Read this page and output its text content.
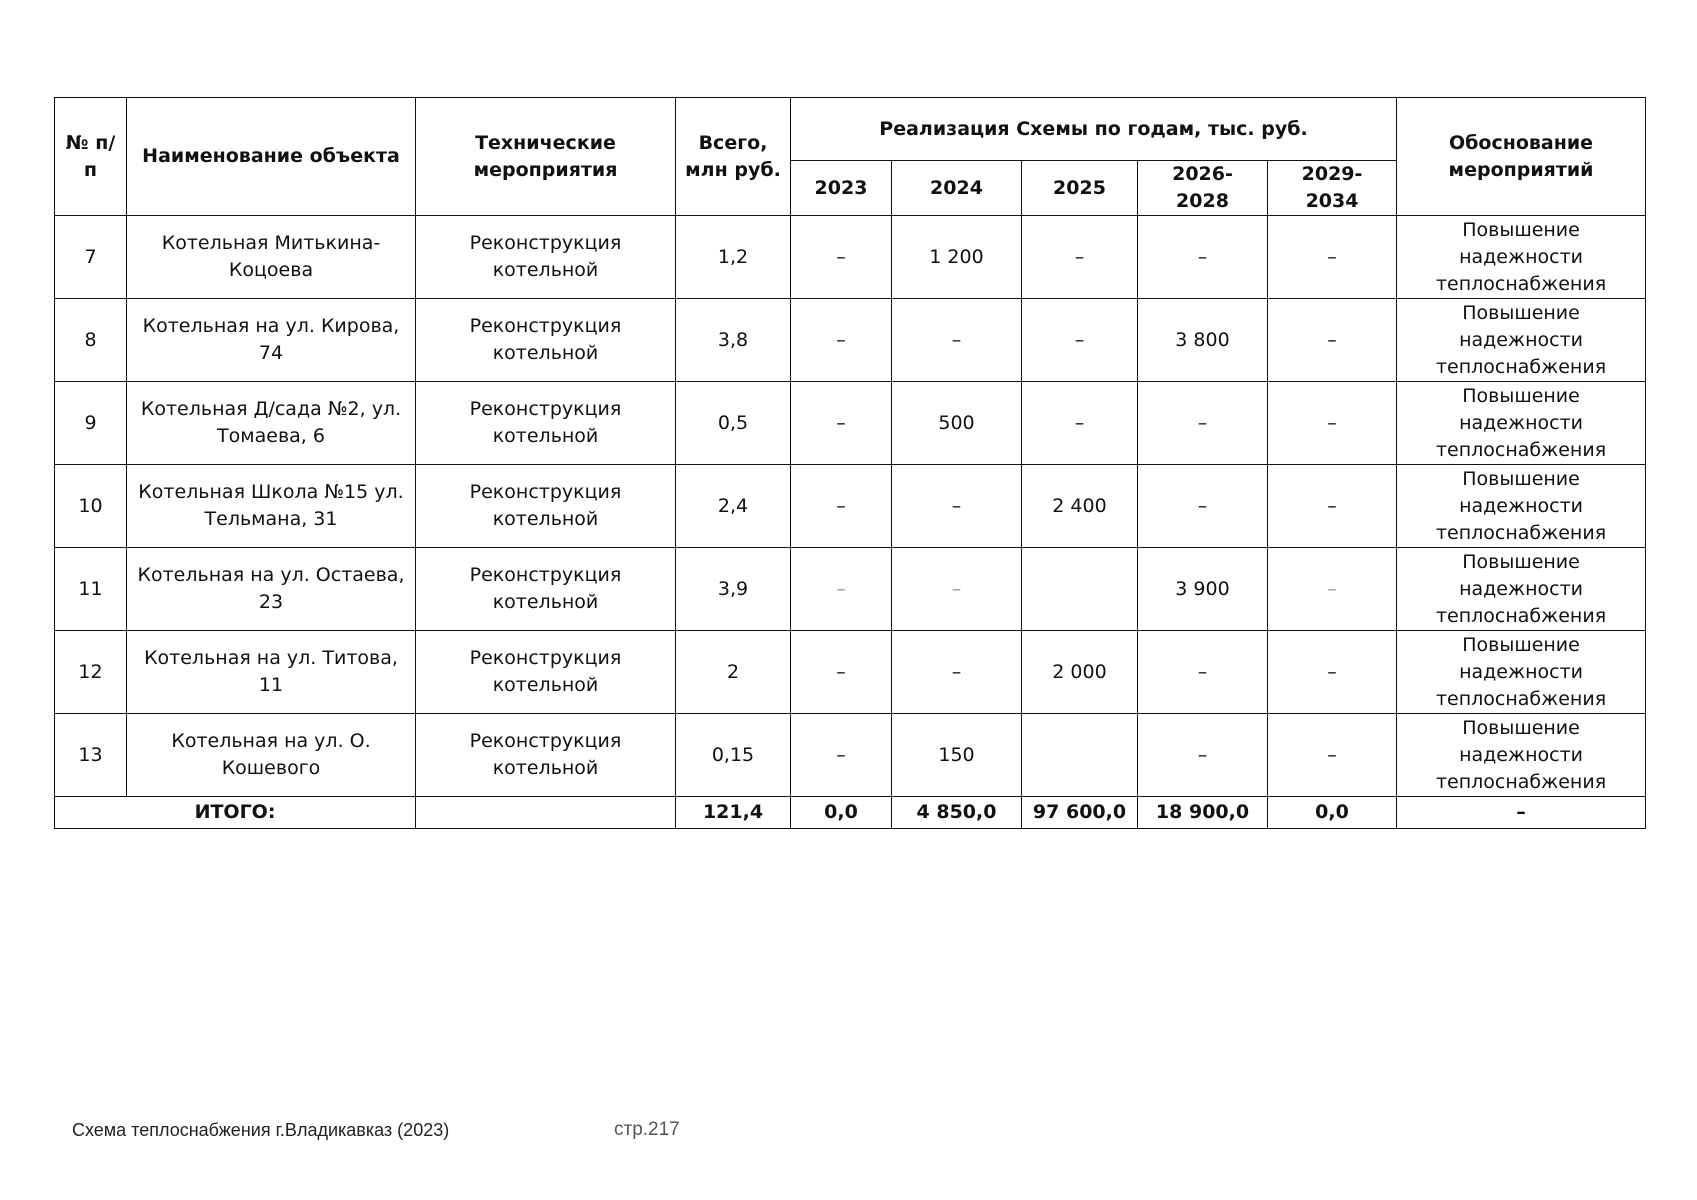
№ п/п	Наименование объекта	Технические мероприятия	Всего, млн руб.	Реализация Схемы по годам, тыс. руб.					Обоснование мероприятий
				2023	2024	2025	2026-2028	2029-2034	
7	Котельная Митькина-Коцоева	Реконструкция котельной	1,2	–	1 200	–	–	–	Повышение надежности теплоснабжения
8	Котельная на ул. Кирова, 74	Реконструкция котельной	3,8	–	–	–	3 800	–	Повышение надежности теплоснабжения
9	Котельная Д/сада №2, ул. Томаева, 6	Реконструкция котельной	0,5	–	500	–	–	–	Повышение надежности теплоснабжения
10	Котельная Школа №15 ул. Тельмана, 31	Реконструкция котельной	2,4	–	–	2 400	–	–	Повышение надежности теплоснабжения
11	Котельная на ул. Остаева, 23	Реконструкция котельной	3,9	–	–		3 900	–	Повышение надежности теплоснабжения
12	Котельная на ул. Титова, 11	Реконструкция котельной	2	–	–	2 000	–	–	Повышение надежности теплоснабжения
13	Котельная на ул. О. Кошевого	Реконструкция котельной	0,15	–	150		–	–	Повышение надежности теплоснабжения
ИТОГО:			121,4	0,0	4 850,0	97 600,0	18 900,0	0,0	–
Схема теплоснабжения г.Владикавказ (2023)	стр.217
